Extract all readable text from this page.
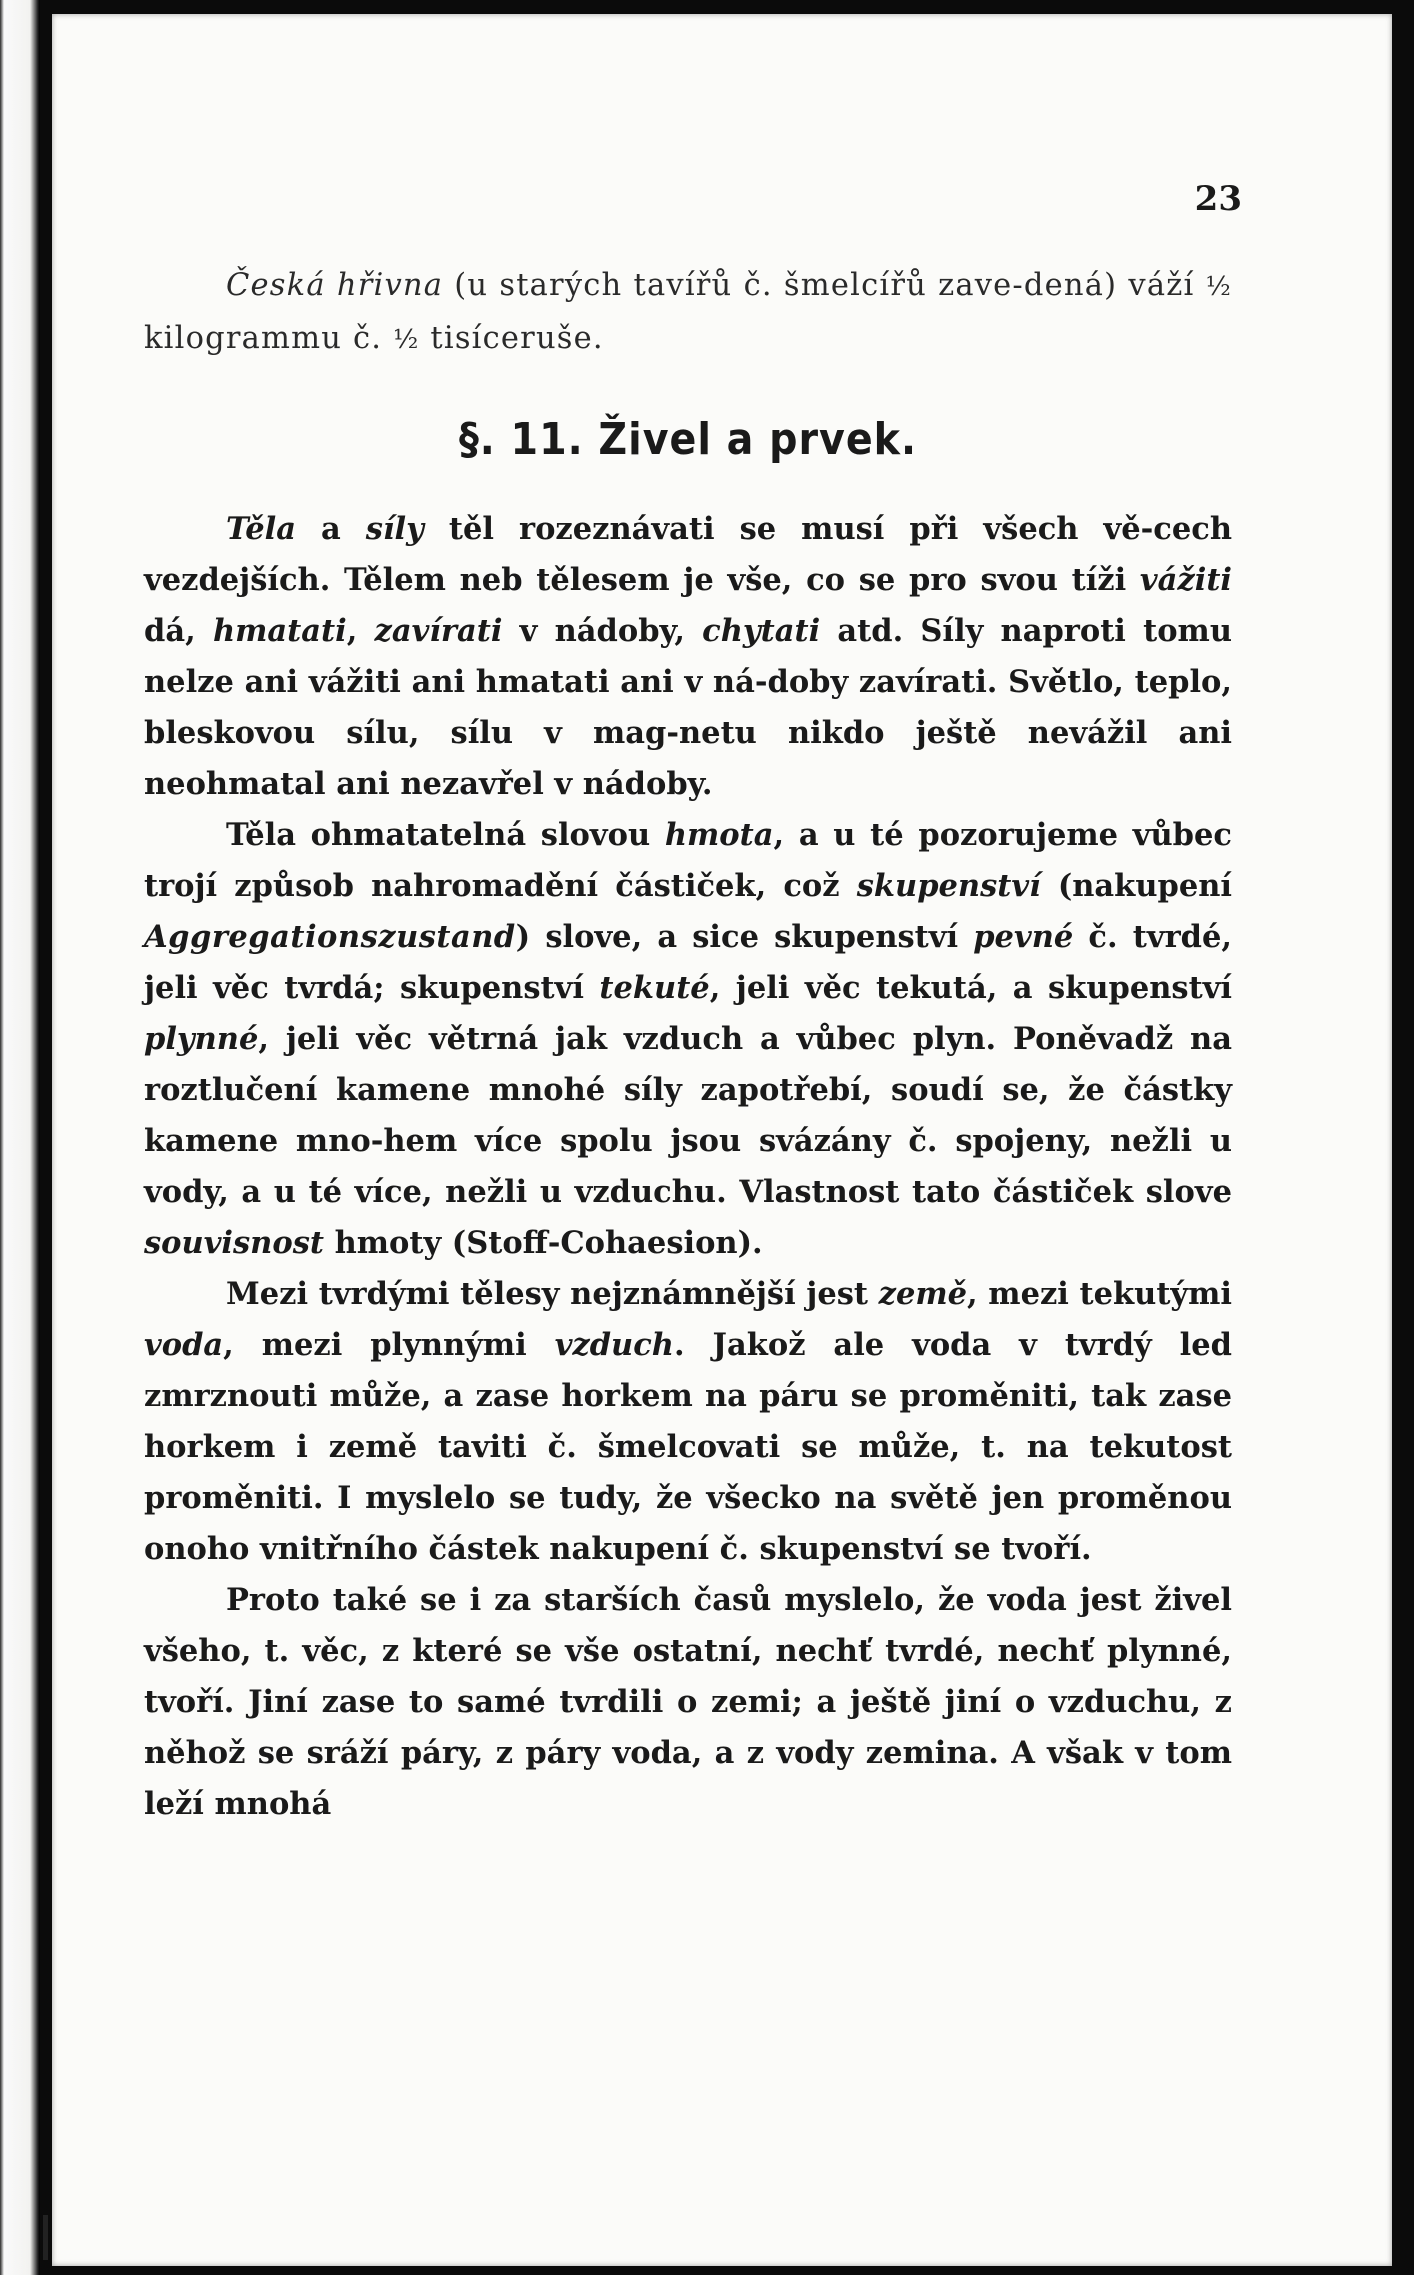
23

Česká hřivna (u starých tavířů č. šmelcířů zave-dená) váží ½ kilogrammu č. ½ tisíceruše.

§. 11. Živel a prvek.

Těla a síly těl rozeznávati se musí při všech vě-cech vezdejších. Tělem neb tělesem je vše, co se pro svou tíži vážiti dá, hmatati, zavírati v nádoby, chytati atd. Síly naproti tomu nelze ani vážiti ani hmatati ani v ná-doby zavírati. Světlo, teplo, bleskovou sílu, sílu v mag-netu nikdo ještě nevážil ani neohmatal ani nezavřel v nádoby.

Těla ohmatatelná slovou hmota, a u té pozorujeme vůbec trojí způsob nahromadění částiček, což skupenství (nakupení Aggregationszustand) slove, a sice skupenství pevné č. tvrdé, jeli věc tvrdá; skupenství tekuté, jeli věc tekutá, a skupenství plynné, jeli věc větrná jak vzduch a vůbec plyn. Poněvadž na roztlučení kamene mnohé síly zapotřebí, soudí se, že částky kamene mno-hem více spolu jsou svázány č. spojeny, nežli u vody, a u té více, nežli u vzduchu. Vlastnost tato částiček slove souvisnost hmoty (Stoff-Cohaesion).

Mezi tvrdými tělesy nejznámnější jest země, mezi tekutými voda, mezi plynnými vzduch. Jakož ale voda v tvrdý led zmrznouti může, a zase horkem na páru se proměniti, tak zase horkem i země taviti č. šmelcovati se může, t. na tekutost proměniti. I myslelo se tudy, že všecko na světě jen proměnou onoho vnitřního částek nakupení č. skupenství se tvoří.

Proto také se i za starších časů myslelo, že voda jest živel všeho, t. věc, z které se vše ostatní, nechť tvrdé, nechť plynné, tvoří. Jiní zase to samé tvrdili o zemi; a ještě jiní o vzduchu, z něhož se sráží páry, z páry voda, a z vody zemina. A však v tom leží mnohá
